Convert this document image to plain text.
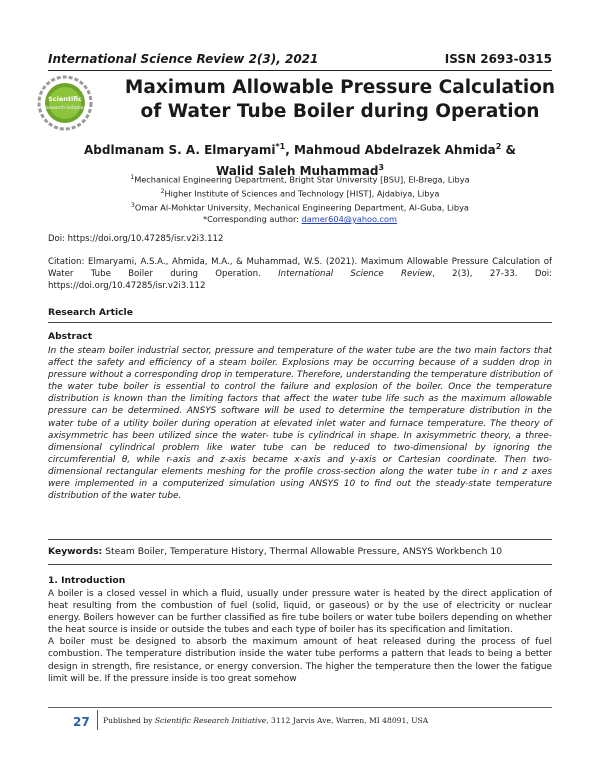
International Science Review 2(3), 2021	ISSN 2693-0315
Scientific
Research Initiative
Maximum Allowable Pressure Calculation
of Water Tube Boiler during Operation
Abdlmanam S. A. Elmaryami$^{*1}$, Mahmoud Abdelrazek Ahmida$^2$ &
Walid Saleh Muhammad$^3$
$^1$Mechanical Engineering Department, Bright Star University [BSU], El-Brega, Libya
$^2$Higher Institute of Sciences and Technology [HIST], Ajdabiya, Libya
$^3$Omar Al-Mohktar University, Mechanical Engineering Department, Al-Guba, Libya
*Corresponding author: damer604@yahoo.com
Doi: https://doi.org/10.47285/isr.v2i3.112
Citation: Elmaryami, A.S.A., Ahmida, M.A., & Muhammad, W.S. (2021). Maximum Allowable Pressure Calculation of Water Tube Boiler during Operation. International Science Review, 2(3), 27-33. Doi: https://doi.org/10.47285/isr.v2i3.112
Research Article
Abstract
In the steam boiler industrial sector, pressure and temperature of the water tube are the two main factors that affect the safety and efficiency of a steam boiler. Explosions may be occurring because of a sudden drop in pressure without a corresponding drop in temperature. Therefore, understanding the temperature distribution of the water tube boiler is essential to control the failure and explosion of the boiler. Once the temperature distribution is known than the limiting factors that affect the water tube life such as the maximum allowable pressure can be determined. ANSYS software will be used to determine the temperature distribution in the water tube of a utility boiler during operation at elevated inlet water and furnace temperature. The theory of axisymmetric has been utilized since the water- tube is cylindrical in shape. In axisymmetric theory, a three-dimensional cylindrical problem like water tube can be reduced to two-dimensional by ignoring the circumferential θ, while r-axis and z-axis became x-axis and y-axis or Cartesian coordinate. Then two-dimensional rectangular elements meshing for the profile cross-section along the water tube in r and z axes were implemented in a computerized simulation using ANSYS 10 to find out the steady-state temperature distribution of the water tube.
Keywords: Steam Boiler, Temperature History, Thermal Allowable Pressure, ANSYS Workbench 10
1. Introduction

A boiler is a closed vessel in which a fluid, usually under pressure water is heated by the direct application of heat resulting from the combustion of fuel (solid, liquid, or gaseous) or by the use of electricity or nuclear energy. Boilers however can be further classified as fire tube boilers or water tube boilers depending on whether the heat source is inside or outside the tubes and each type of boiler has its specification and limitation.

A boiler must be designed to absorb the maximum amount of heat released during the process of fuel combustion. The temperature distribution inside the water tube performs a pattern that leads to being a better design in strength, fire resistance, or energy conversion. The higher the temperature then the lower the fatigue limit will be. If the pressure inside is too great somehow

27 Published by Scientific Research Initiative, 3112 Jarvis Ave, Warren, MI 48091, USA
